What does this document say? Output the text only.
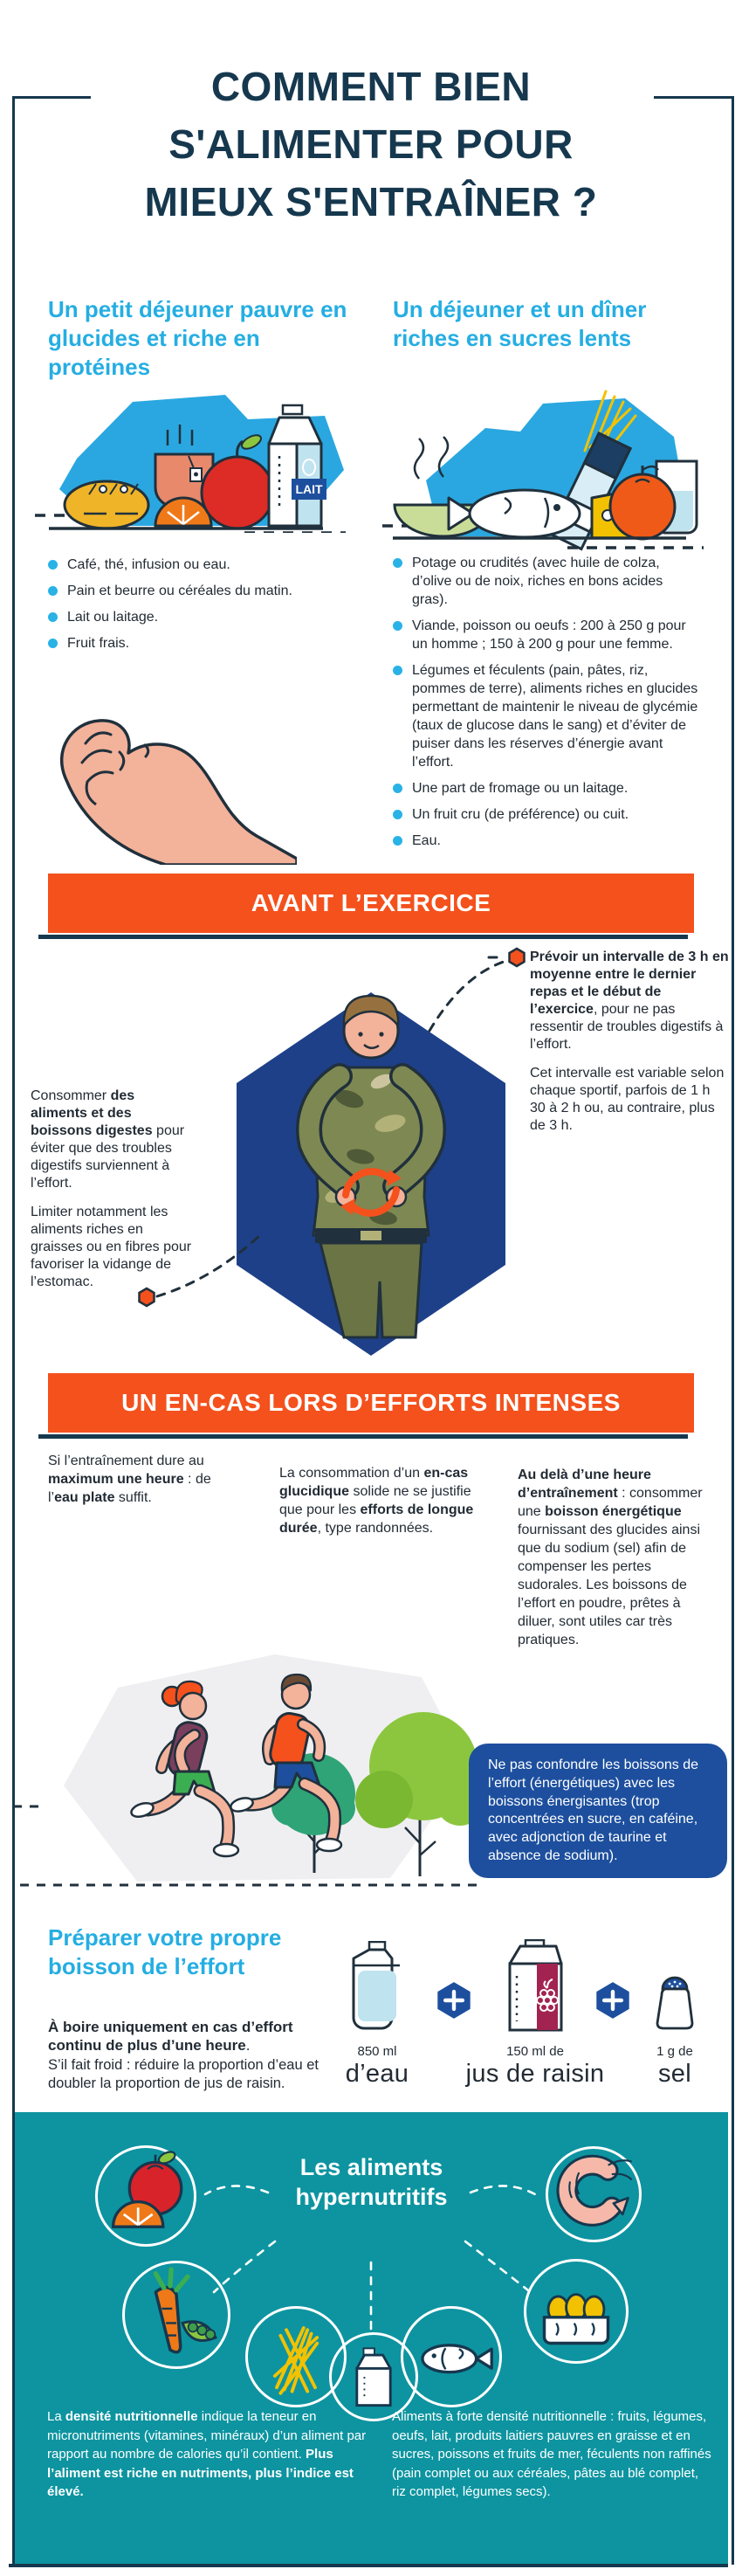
COMMENT BIEN
S'ALIMENTER POUR
MIEUX S'ENTRAÎNER ?
Un petit déjeuner pauvre en glucides et riche en protéines
LAIT
Café, thé, infusion ou eau.
Pain et beurre ou céréales du matin.
Lait ou laitage.
Fruit frais.
Un déjeuner et un dîner riches en sucres lents
Potage ou crudités (avec huile de colza, d’olive ou de noix, riches en bons acides gras).
Viande, poisson ou oeufs : 200 à 250 g pour un homme ; 150 à 200 g pour une femme.
Légumes et féculents (pain, pâtes, riz, pommes de terre), aliments riches en glucides permettant de maintenir le niveau de glycémie (taux de glucose dans le sang) et d’éviter de puiser dans les réserves d’énergie avant l’effort.
Une part de fromage ou un laitage.
Un fruit cru (de préférence) ou cuit.
Eau.
AVANT L’EXERCICE

Consommer des aliments et des boissons digestes pour éviter que des troubles digestifs surviennent à l’effort.

Limiter notamment les aliments riches en graisses ou en fibres pour favoriser la vidange de l’estomac.

Prévoir un intervalle de 3 h en moyenne entre le dernier repas et le début de l’exercice, pour ne pas ressentir de troubles digestifs à l’effort.

Cet intervalle est variable selon chaque sportif, parfois de 1 h 30 à 2 h ou, au contraire, plus de 3 h.

UN EN-CAS LORS D’EFFORTS INTENSES
Si l’entraînement dure au maximum une heure : de l’eau plate suffit.
La consommation d’un en-cas glucidique solide ne se justifie que pour les efforts de longue durée, type randonnées.
Au delà d’une heure d’entraînement : consommer une boisson énergétique fournissant des glucides ainsi que du sodium (sel) afin de compenser les pertes sudorales. Les boissons de l’effort en poudre, prêtes à diluer, sont utiles car très pratiques.
Ne pas confondre les boissons de l’effort (énergétiques) avec les boissons énergisantes (trop concentrées en sucre, en caféine, avec adjonction de taurine et absence de sodium).
Préparer votre propre boisson de l’effort
À boire uniquement en cas d’effort continu de plus d’une heure.
S’il fait froid : réduire la proportion d’eau et doubler la proportion de jus de raisin.
850 ml
d’eau
150 ml de
jus de raisin
1 g de
sel
Les aliments
hypernutritifs

La densité nutritionnelle indique la teneur en micronutriments (vitamines, minéraux) d’un aliment par rapport au nombre de calories qu’il contient. Plus l’aliment est riche en nutriments, plus l’indice est élevé.

Aliments à forte densité nutritionnelle : fruits, légumes, oeufs, lait, produits laitiers pauvres en graisse et en sucres, poissons et fruits de mer, féculents non raffinés (pain complet ou aux céréales, pâtes au blé complet, riz complet, légumes secs).
